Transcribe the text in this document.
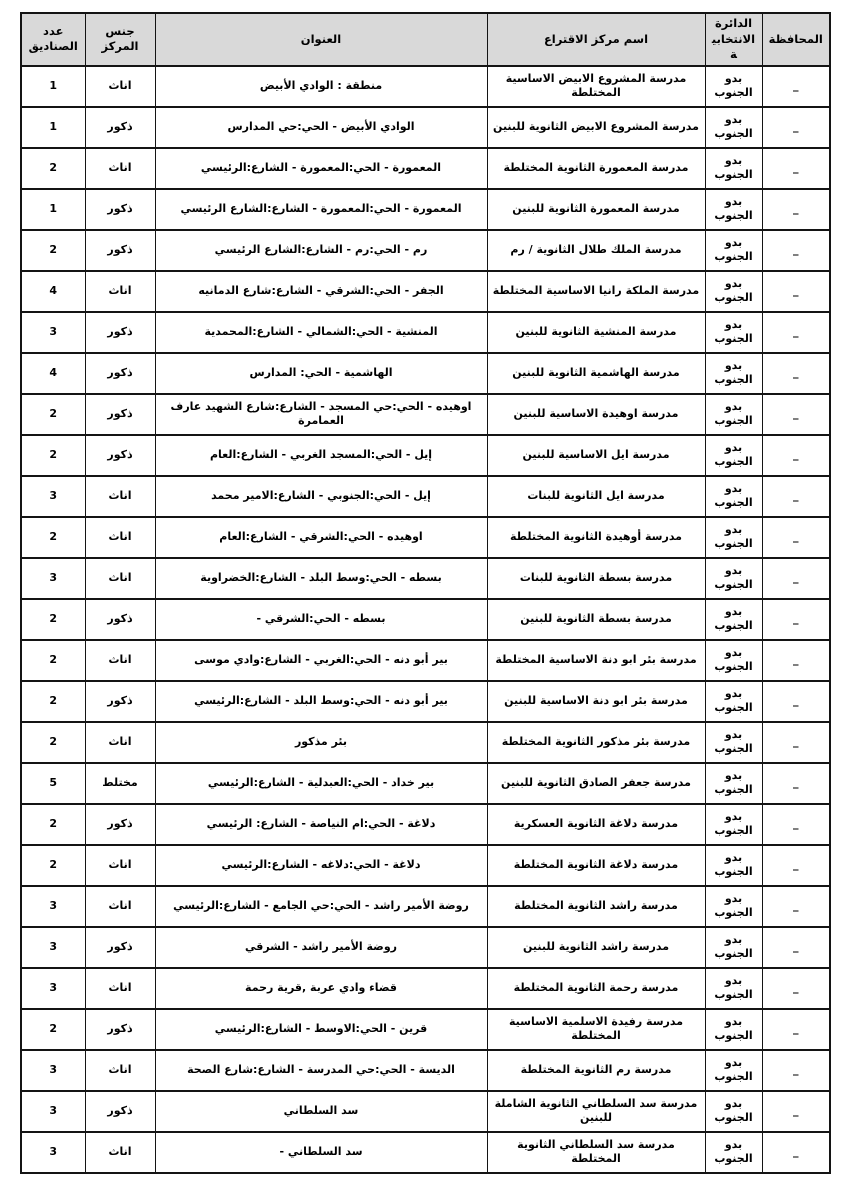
المحافظة	الدائرة الانتخابية	اسم مركز الاقتراع	العنوان	جنس المركز	عدد الصناديق
_	بدو الجنوب	مدرسة المشروع الابيض الاساسية المختلطة	منطقة : الوادي الأبيض	اناث	1
_	بدو الجنوب	مدرسة المشروع الابيض الثانوية للبنين	الوادي الأبيض - الحي:حي المدارس	ذكور	1
_	بدو الجنوب	مدرسة المعمورة الثانوية المختلطة	المعمورة - الحي:المعمورة - الشارع:الرئيسي	اناث	2
_	بدو الجنوب	مدرسة المعمورة الثانوية للبنين	المعمورة - الحي:المعمورة - الشارع:الشارع الرئيسي	ذكور	1
_	بدو الجنوب	مدرسة الملك طلال الثانوية / رم	رم - الحي:رم - الشارع:الشارع الرئيسي	ذكور	2
_	بدو الجنوب	مدرسة الملكة رانيا الاساسية المختلطة	الجفر - الحي:الشرقي - الشارع:شارع الدمانيه	اناث	4
_	بدو الجنوب	مدرسة المنشية الثانوية للبنين	المنشية - الحي:الشمالي - الشارع:المحمدية	ذكور	3
_	بدو الجنوب	مدرسة الهاشمية الثانوية للبنين	الهاشمية - الحي: المدارس	ذكور	4
_	بدو الجنوب	مدرسة اوهيدة الاساسية للبنين	اوهيده - الحي:حي المسجد - الشارع:شارع الشهيد عارف العمامرة	ذكور	2
_	بدو الجنوب	مدرسة ايل الاساسية للبنين	إيل - الحي:المسجد الغربي - الشارع:العام	ذكور	2
_	بدو الجنوب	مدرسة ايل الثانوية للبنات	إيل - الحي:الجنوبي - الشارع:الامير محمد	اناث	3
_	بدو الجنوب	مدرسة أوهيدة الثانوية المختلطة	اوهيده - الحي:الشرقي - الشارع:العام	اناث	2
_	بدو الجنوب	مدرسة بسطة الثانوية للبنات	بسطه - الحي:وسط البلد - الشارع:الخضراوية	اناث	3
_	بدو الجنوب	مدرسة بسطة الثانوية للبنين	بسطه - الحي:الشرقي -	ذكور	2
_	بدو الجنوب	مدرسة بئر ابو دنة الاساسية المختلطة	بير أبو دنه - الحي:الغربي - الشارع:وادي موسى	اناث	2
_	بدو الجنوب	مدرسة بئر ابو دنة الاساسية للبنين	بير أبو دنه - الحي:وسط البلد - الشارع:الرئيسي	ذكور	2
_	بدو الجنوب	مدرسة بئر مذكور الثانوية المختلطة	بئر مذكور	اناث	2
_	بدو الجنوب	مدرسة جعفر الصادق الثانوية للبنين	بير خداد - الحي:العبدلية - الشارع:الرئيسي	مختلط	5
_	بدو الجنوب	مدرسة دلاغة الثانوية العسكرية	دلاغة - الحي:ام النياصة - الشارع: الرئيسي	ذكور	2
_	بدو الجنوب	مدرسة دلاغة الثانوية المختلطة	دلاغة - الحي:دلاغه - الشارع:الرئيسي	اناث	2
_	بدو الجنوب	مدرسة راشد الثانوية المختلطة	روضة الأمير راشد - الحي:حي الجامع - الشارع:الرئيسي	اناث	3
_	بدو الجنوب	مدرسة راشد الثانوية للبنين	روضة الأمير راشد - الشرقي	ذكور	3
_	بدو الجنوب	مدرسة رحمة الثانوية المختلطة	قضاء وادي عربة ,قرية رحمة	اناث	3
_	بدو الجنوب	مدرسة رفيدة الاسلمية الاساسية المختلطة	قرين - الحي:الاوسط - الشارع:الرئيسي	ذكور	2
_	بدو الجنوب	مدرسة رم الثانوية المختلطة	الديسة - الحي:حي المدرسة - الشارع:شارع الصحة	اناث	3
_	بدو الجنوب	مدرسة سد السلطاني الثانوية الشاملة للبنين	سد السلطاني	ذكور	3
_	بدو الجنوب	مدرسة سد السلطاني الثانوية المختلطة	سد السلطاني -	اناث	3
